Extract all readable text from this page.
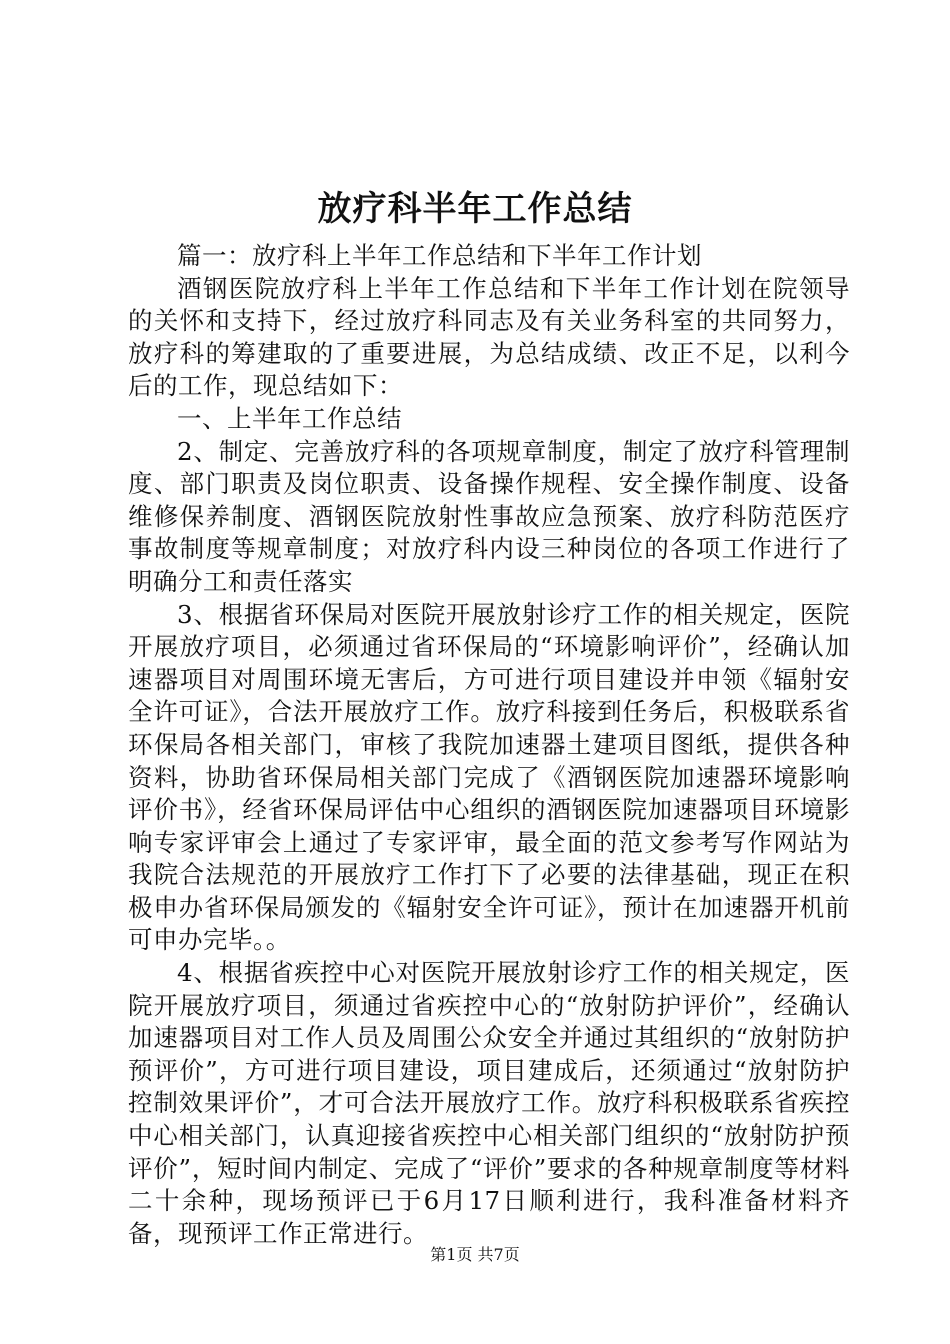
放疗科半年工作总结

篇一：放疗科上半年工作总结和下半年工作计划

酒钢医院放疗科上半年工作总结和下半年工作计划在院领导的关怀和支持下，经过放疗科同志及有关业务科室的共同努力，放疗科的筹建取的了重要进展，为总结成绩、改正不足，以利今后的工作，现总结如下：

一、上半年工作总结

2、制定、完善放疗科的各项规章制度，制定了放疗科管理制度、部门职责及岗位职责、设备操作规程、安全操作制度、设备维修保养制度、酒钢医院放射性事故应急预案、放疗科防范医疗事故制度等规章制度；对放疗科内设三种岗位的各项工作进行了明确分工和责任落实

3、根据省环保局对医院开展放射诊疗工作的相关规定，医院开展放疗项目，必须通过省环保局的“环境影响评价”，经确认加速器项目对周围环境无害后，方可进行项目建设并申领《辐射安全许可证》，合法开展放疗工作。放疗科接到任务后，积极联系省环保局各相关部门，审核了我院加速器土建项目图纸，提供各种资料，协助省环保局相关部门完成了《酒钢医院加速器环境影响评价书》，经省环保局评估中心组织的酒钢医院加速器项目环境影响专家评审会上通过了专家评审，最全面的范文参考写作网站为我院合法规范的开展放疗工作打下了必要的法律基础，现正在积极申办省环保局颁发的《辐射安全许可证》，预计在加速器开机前可申办完毕。。

4、根据省疾控中心对医院开展放射诊疗工作的相关规定，医院开展放疗项目，须通过省疾控中心的“放射防护评价”，经确认加速器项目对工作人员及周围公众安全并通过其组织的“放射防护预评价”，方可进行项目建设，项目建成后，还须通过“放射防护控制效果评价”，才可合法开展放疗工作。放疗科积极联系省疾控中心相关部门，认真迎接省疾控中心相关部门组织的“放射防护预评价”，短时间内制定、完成了“评价”要求的各种规章制度等材料二十余种，现场预评已于6月17日顺利进行，我科准备材料齐备，现预评工作正常进行。

第1页 共7页
